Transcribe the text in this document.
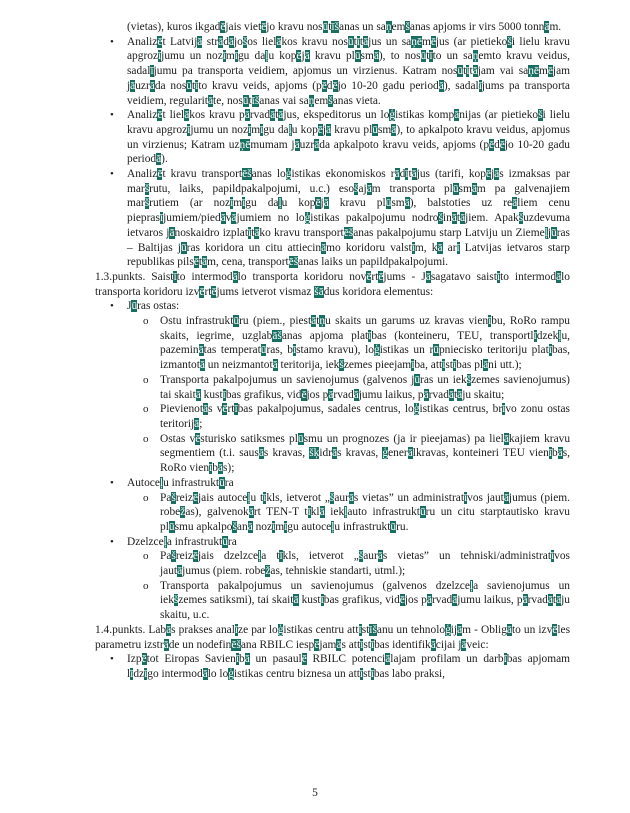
(vietas), kuros ikgadējais vietējo kravu nosūtīšanas un saņemšanas apjoms ir virs 5000 tonnām.
• Analizēt Latvijā strādājošos lielākos kravu nosūtītājus un saņēmējus (ar pietiekoši lielu kravu apgrozījumu un nozīmīgu daļu kopējā kravu plūsmā), to nosūtīto un saņemto kravu veidus, sadalījumu pa transporta veidiem, apjomus un virzienus. Katram nosūtītājam vai saņēmējam jāuzrāda nosūtīto kravu veids, apjoms (pēdējo 10-20 gadu periodā), sadalījums pa transporta veidiem, regularitāte, nosūtīšanas vai saņemšanas vieta.
• Analizēt lielākos kravu pārvadātājus, ekspeditorus un loģistikas kompānijas (ar pietiekoši lielu kravu apgrozījumu un nozīmīgu daļu kopējā kravu plūsmā), to apkalpoto kravu veidus, apjomus un virzienus; Katram uzņēmumam jāuzrāda apkalpoto kravu veids, apjoms (pēdējo 10-20 gadu periodā).
• Analizēt kravu transportēšanas loģistikas ekonomiskos rādītājus (tarifi, kopējās izmaksas par maršrutu, laiks, papildpakalpojumi, u.c.) esošajām transporta plūsmām pa galvenajiem maršrutiem (ar nozīmīgu daļu kopējā kravu plūsmā), balstoties uz reāliem cenu pieprasījumiem/piedāvājumiem no loģistikas pakalpojumu nodrošinātājiem. Apakšuzdevuma ietvaros jānoskaidro izplatītāko kravu transportēšanas pakalpojumu starp Latviju un Ziemeļjūras – Baltijas jūras koridora un citu attiecināmo koridoru valstīm, kā arī Latvijas ietvaros starp republikas pilsētām, cena, transportēšanas laiks un papildpakalpojumi.
1.3.punkts. Saistīto intermodālo transporta koridoru novērtējums - Jāsagatavo saistīto intermodālo transporta koridoru izvērtējums ietverot vismaz šādus koridora elementus:
• Jūras ostas:
o Ostu infrastruktūru (piem., piestātņu skaits un garums uz kravas vienību, RoRo rampu skaits, iegrime, uzglabāšanas apjoma platības (konteineru, TEU, transportlīdzekļu, pazeminātas temperatūras, bīstamo kravu), loģistikas un rūpniecisko teritoriju platības, izmantotā un neizmantotā teritorija, iekšzemes pieejamība, attīstības plāni utt.);
o Transporta pakalpojumus un savienojumus (galvenos jūras un iekšzemes savienojumus) tai skaitā kustības grafikus, vidējos pārvadājumu laikus, pārvadātāju skaitu;
o Pievienotās vērtības pakalpojumus, sadales centrus, loģistikas centrus, brīvo zonu ostas teritorijā;
o Ostas vēsturisko satiksmes plūsmu un prognozes (ja ir pieejamas) pa lielākajiem kravu segmentiem (t.i. sausās kravas, šķidrās kravas, ģenerālkravas, konteineri TEU vienībās, RoRo vienībās);
• Autoceļu infrastruktūra
o Pašreizējais autoceļu tīkls, ietverot „šaurās vietas” un administratīvos jautājumus (piem. robežas), galvenokārt TEN-T tīklā iekļauto infrastruktūru un citu starptautisko kravu plūsmu apkalpošanā nozīmīgu autoceļu infrastruktūru.
• Dzelzceļa infrastruktūra
o Pašreizējais dzelzceļa tīkls, ietverot „šaurās vietas” un tehniski/administratīvos jautājumus (piem. robežas, tehniskie standarti, utml.);
o Transporta pakalpojumus un savienojumus (galvenos dzelzceļa savienojumus un iekšzemes satiksmi), tai skaitā kustības grafikus, vidējos pārvadājumu laikus, pārvadātāju skaitu, u.c.
1.4.punkts. Labās prakses analīze par loģistikas centru attīstīšanu un tehnoloģijām - Obligāto un izvēles parametru izstrāde un nodefinēšana RBILC iespējamās attīstības identifikācijai jāveic:
• Izpētot Eiropas Savienībā un pasaulē RBILC potenciālajam profilam un darbības apjomam līdzīgo intermodālo loģistikas centru biznesa un attīstības labo praksi,
5
